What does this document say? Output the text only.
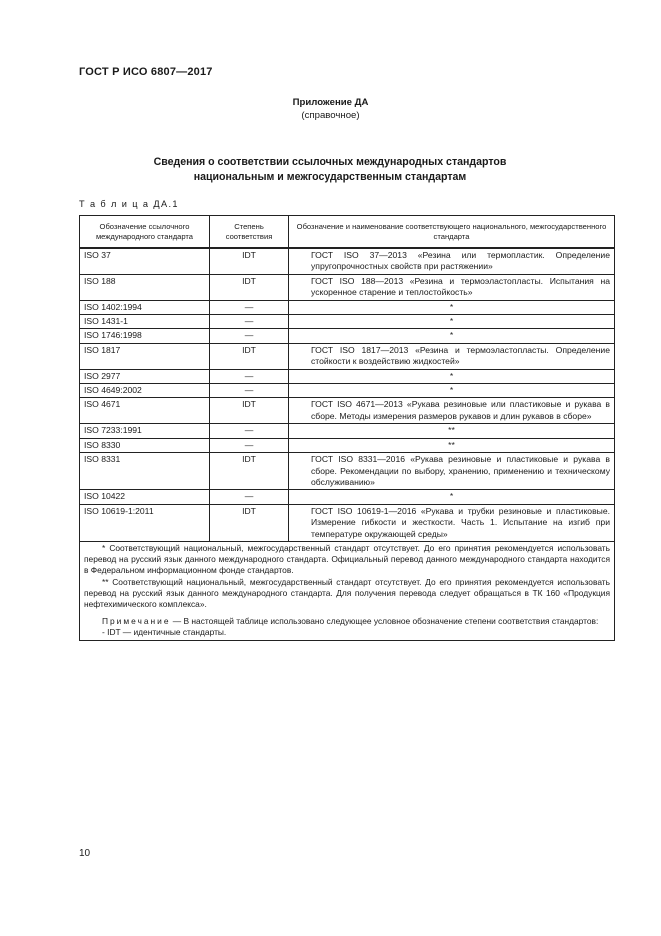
ГОСТ Р ИСО 6807—2017
Приложение ДА
(справочное)
Сведения о соответствии ссылочных международных стандартов
национальным и межгосударственным стандартам
Т а б л и ц а ДА.1
Обозначение ссылочного международного стандарта	Степень соответствия	Обозначение и наименование соответствующего национального, межгосударственного стандарта
ISO 37	IDT	ГОСТ ISO 37—2013 «Резина или термопластик. Определение упругопрочностных свойств при растяжении»

ISO 188	IDT	ГОСТ ISO 188—2013 «Резина и термоэластопласты. Испытания на ускоренное старение и теплостойкость»

ISO 1402:1994	—	*
ISO 1431-1	—	*
ISO 1746:1998	—	*
ISO 1817	IDT	ГОСТ ISO 1817—2013 «Резина и термоэластопласты. Определение стойкости к воздействию жидкостей»

ISO 2977	—	*
ISO 4649:2002	—	*
ISO 4671	IDT	ГОСТ ISO 4671—2013 «Рукава резиновые или пластиковые и рукава в сборе. Методы измерения размеров рукавов и длин рукавов в сборе»

ISO 7233:1991	—	**
ISO 8330	—	**
ISO 8331	IDT	ГОСТ ISO 8331—2016 «Рукава резиновые и пластиковые и рукава в сборе. Рекомендации по выбору, хранению, применению и техническому обслуживанию»

ISO 10422	—	*
ISO 10619-1:2011	IDT	ГОСТ ISO 10619-1—2016 «Рукава и трубки резиновые и пластиковые. Измерение гибкости и жесткости. Часть 1. Испытание на изгиб при температуре окружающей среды»

* Соответствующий национальный, межгосударственный стандарт отсутствует. До его принятия рекомендуется использовать перевод на русский язык данного международного стандарта. Официальный перевод данного международного стандарта находится в Федеральном информационном фонде стандартов.

** Соответствующий национальный, межгосударственный стандарт отсутствует. До его принятия рекомендуется использовать перевод на русский язык данного международного стандарта. Для получения перевода следует обращаться в ТК 160 «Продукция нефтехимического комплекса».

Примечание — В настоящей таблице использовано следующее условное обозначение степени соответствия стандартов:

- IDT — идентичные стандарты.		

10
